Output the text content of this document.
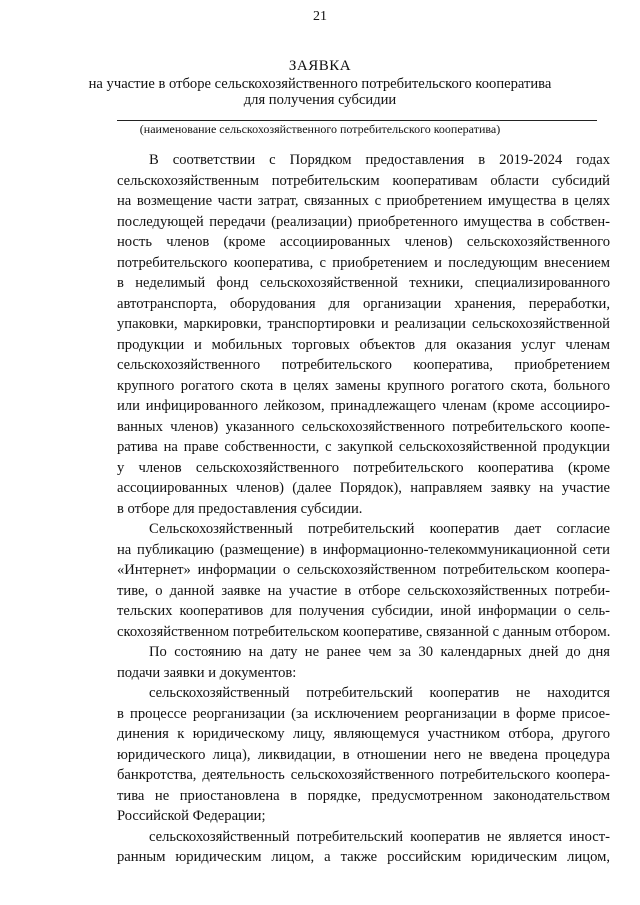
21
ЗАЯВКА
на участие в отборе сельскохозяйственного потребительского кооператива
для получения субсидии
(наименование сельскохозяйственного потребительского кооператива)
В соответствии с Порядком предоставления в 2019-2024 годах
сельскохозяйственным потребительским кооперативам области субсидий
на возмещение части затрат, связанных с приобретением имущества в целях
последующей передачи (реализации) приобретенного имущества в собствен-
ность членов (кроме ассоциированных членов) сельскохозяйственного
потребительского кооператива, с приобретением и последующим внесением
в неделимый фонд сельскохозяйственной техники, специализированного
автотранспорта, оборудования для организации хранения, переработки,
упаковки, маркировки, транспортировки и реализации сельскохозяйственной
продукции и мобильных торговых объектов для оказания услуг членам
сельскохозяйственного потребительского кооператива, приобретением
крупного рогатого скота в целях замены крупного рогатого скота, больного
или инфицированного лейкозом, принадлежащего членам (кроме ассоцииро-
ванных членов) указанного сельскохозяйственного потребительского коопе-
ратива на праве собственности, с закупкой сельскохозяйственной продукции
у членов сельскохозяйственного потребительского кооператива (кроме
ассоциированных членов) (далее Порядок), направляем заявку на участие
в отборе для предоставления субсидии.
Сельскохозяйственный потребительский кооператив дает согласие
на публикацию (размещение) в информационно-телекоммуникационной сети
«Интернет» информации о сельскохозяйственном потребительском коопера-
тиве, о данной заявке на участие в отборе сельскохозяйственных потреби-
тельских кооперативов для получения субсидии, иной информации о сель-
скохозяйственном потребительском кооперативе, связанной с данным отбором.
По состоянию на дату не ранее чем за 30 календарных дней до дня
подачи заявки и документов:
сельскохозяйственный потребительский кооператив не находится
в процессе реорганизации (за исключением реорганизации в форме присое-
динения к юридическому лицу, являющемуся участником отбора, другого
юридического лица), ликвидации, в отношении него не введена процедура
банкротства, деятельность сельскохозяйственного потребительского коопера-
тива не приостановлена в порядке, предусмотренном законодательством
Российской Федерации;
сельскохозяйственный потребительский кооператив не является иност-
ранным юридическим лицом, а также российским юридическим лицом,
